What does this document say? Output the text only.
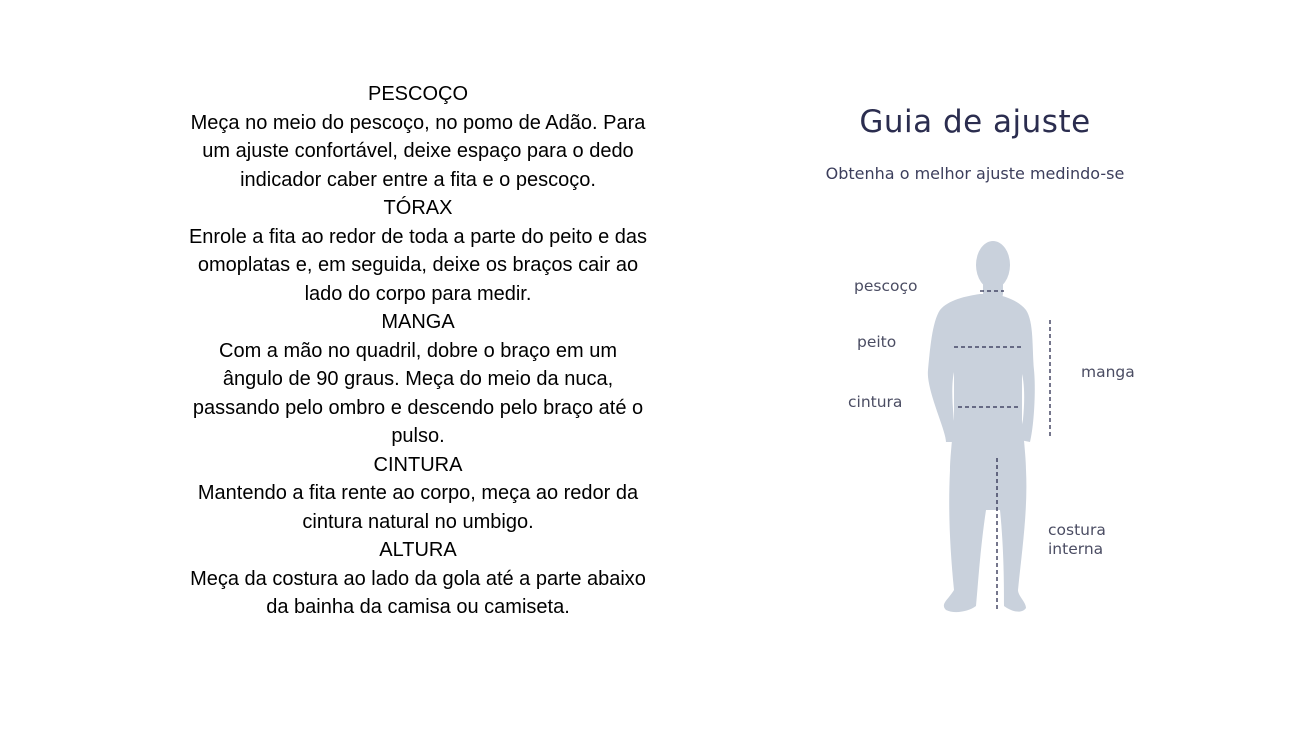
PESCOÇO
Meça no meio do pescoço, no pomo de Adão. Para um ajuste confortável, deixe espaço para o dedo indicador caber entre a fita e o pescoço.
TÓRAX
Enrole a fita ao redor de toda a parte do peito e das omoplatas e, em seguida, deixe os braços cair ao lado do corpo para medir.
MANGA
Com a mão no quadril, dobre o braço em um ângulo de 90 graus. Meça do meio da nuca, passando pelo ombro e descendo pelo braço até o pulso.
CINTURA
Mantendo a fita rente ao corpo, meça ao redor da cintura natural no umbigo.
ALTURA
Meça da costura ao lado da gola até a parte abaixo da bainha da camisa ou camiseta.
Guia de ajuste
Obtenha o melhor ajuste medindo-se
pescoço
peito
cintura
manga
costura
interna
